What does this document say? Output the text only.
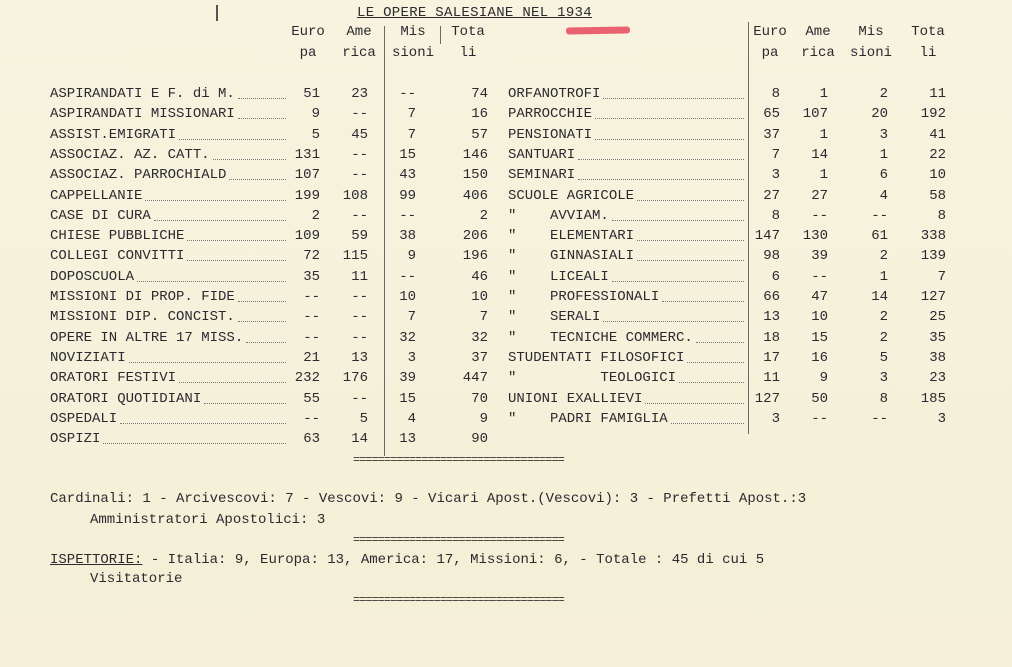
LE OPERE SALESIANE NEL 1934
Euro
pa
Ame
rica
Mis
sioni
Tota
li
Euro
pa
Ame
rica
Mis
sioni
Tota
li
ASPIRANDATI E F. di M.	51 23 --	74
ASPIRANDATI MISSIONARI	9 --	7	16
ASSIST.EMIGRATI	5 45	7	57
ASSOCIAZ. AZ. CATT.	131 -- 15	146
ASSOCIAZ. PARROCHIALD	107 -- 43	150
CAPPELLANIE	199 108 99	406
CASE DI CURA	2 -- --	2
CHIESE PUBBLICHE	109 59 38	206
COLLEGI CONVITTI	72 115	9	196
DOPOSCUOLA	35 11 --	46
MISSIONI DI PROP. FIDE	-- -- 10	10
MISSIONI DIP. CONCIST.	-- --	7	7
OPERE IN ALTRE 17 MISS.	-- -- 32	32
NOVIZIATI	21 13	3	37
ORATORI FESTIVI	232 176 39	447
ORATORI QUOTIDIANI	55 -- 15	70
OSPEDALI	--	5	4	9
OSPIZI	63 14 13	90
ORFANOTROFI	8	1	2	11
PARROCCHIE	65 107	20 192
PENSIONATI	37	1	3	41
SANTUARI	7 14	1	22
SEMINARI	3	1	6	10
SCUOLE AGRICOLE	27 27	4	58
"    AVVIAM.	8 --	--	8
"    ELEMENTARI	147 130	61 338
"    GINNASIALI	98 39	2 139
"    LICEALI	6 --	1	7
"    PROFESSIONALI	66 47	14 127
"    SERALI	13 10	2	25
"    TECNICHE COMMERC.	18 15	2	35
STUDENTATI FILOSOFICI	17 16	5	38
"          TEOLOGICI	11	9	3	23
UNIONI EXALLIEVI	127 50	8 185
"    PADRI FAMIGLIA	3 --	--	3
==================================
Cardinali: 1 - Arcivescovi: 7 - Vescovi: 9 - Vicari Apost.(Vescovi): 3 - Prefetti Apost.:3
Amministratori Apostolici: 3
==================================
ISPETTORIE: - Italia: 9, Europa: 13, America: 17, Missioni: 6, - Totale : 45 di cui 5
Visitatorie
==================================
